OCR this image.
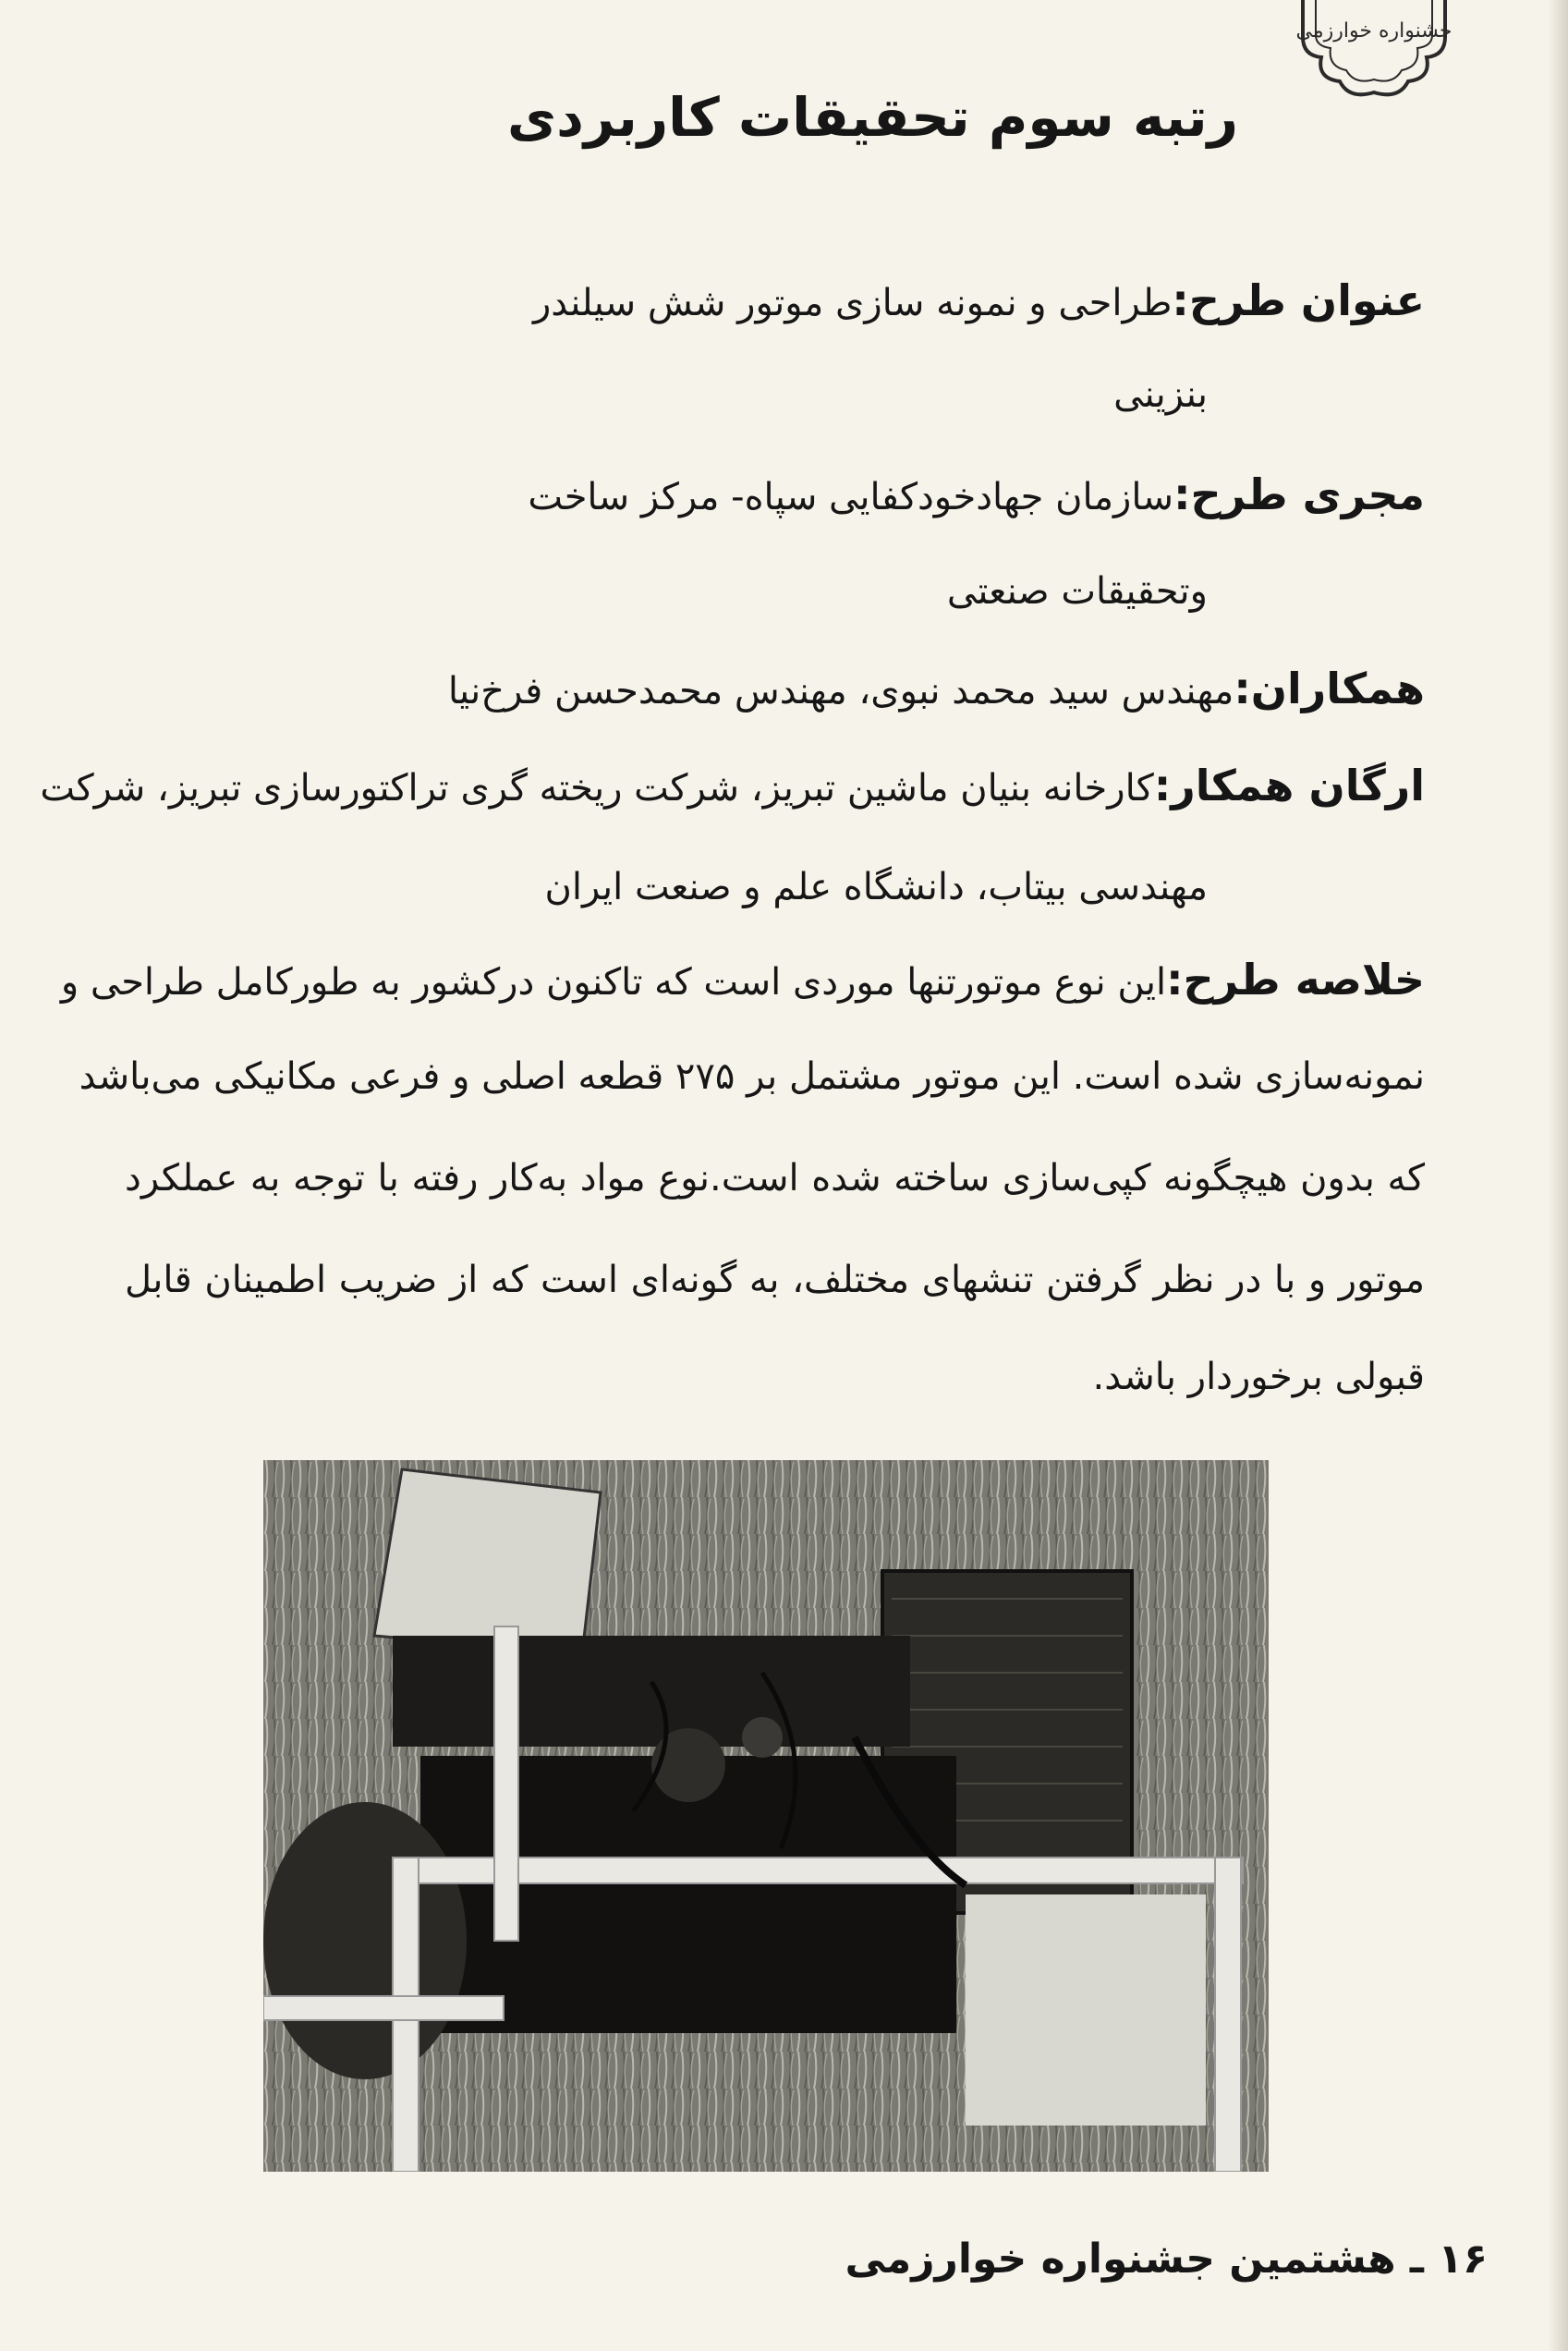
جشنواره خوارزمی
رتبه سوم تحقیقات کاربردی
عنوان طرح:طراحی و نمونه سازی موتور شش سیلندر
بنزینی
مجری طرح:سازمان جهادخودکفایی سپاه- مرکز ساخت
وتحقیقات صنعتی
همکاران:مهندس سید محمد نبوی، مهندس محمدحسن فرخ‌نیا
ارگان همکار:کارخانه بنیان ماشین تبریز، شرکت ریخته گری تراکتورسازی تبریز، شرکت
مهندسی بیتاب، دانشگاه علم و صنعت ایران
خلاصه طرح:این نوع موتورتنها موردی است که تاکنون درکشور به طورکامل طراحی و
نمونه‌سازی شده است. این موتور مشتمل بر ۲۷۵ قطعه اصلی و فرعی مکانیکی می‌باشد
که بدون هیچگونه کپی‌سازی ساخته شده است.نوع مواد به‌کار رفته با توجه به عملکرد
موتور و با در نظر گرفتن تنشهای مختلف، به گونه‌ای است که از ضریب اطمینان قابل
قبولی برخوردار باشد.
۱۶ ـ هشتمین جشنواره خوارزمی
